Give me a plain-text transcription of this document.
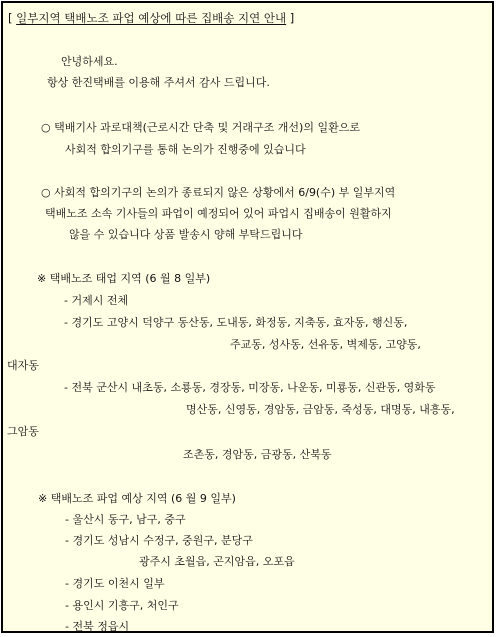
[ 일부지역 택배노조 파업 예상에 따른 집배송 지연 안내 ]
안녕하세요.
항상 한진택배를 이용해 주셔서 감사 드립니다.
○ 택배기사 과로대책(근로시간 단축 및 거래구조 개선)의 일환으로
사회적 합의기구를 통해 논의가 진행중에 있습니다
○ 사회적 합의기구의 논의가 종료되지 않은 상황에서 6/9(수) 부 일부지역
택배노조 소속 기사들의 파업이 예정되어 있어 파업시 집배송이 원활하지
않을 수 있습니다 상품 발송시 양해 부탁드립니다
※ 택배노조 태업 지역 (6 월 8 일부)
- 거제시 전체
- 경기도 고양시 덕양구 동산동, 도내동, 화정동, 지축동, 효자동, 행신동,
주교동, 성사동, 선유동, 벽제동, 고양동,
대자동
- 전북 군산시 내초동, 소룡동, 경장동, 미장동, 나운동, 미룡동, 신관동, 영화동
명산동, 신영동, 경암동, 금암동, 죽성동, 대명동, 내흥동,
그암동
조촌동, 경암동, 금광동, 산북동
※ 택배노조 파업 예상 지역 (6 월 9 일부)
- 울산시 동구, 남구, 중구
- 경기도 성남시 수정구, 중원구, 분당구
광주시 초월읍, 곤지암읍, 오포읍
- 경기도 이천시 일부
- 용인시 기흥구, 처인구
- 전북 정읍시
